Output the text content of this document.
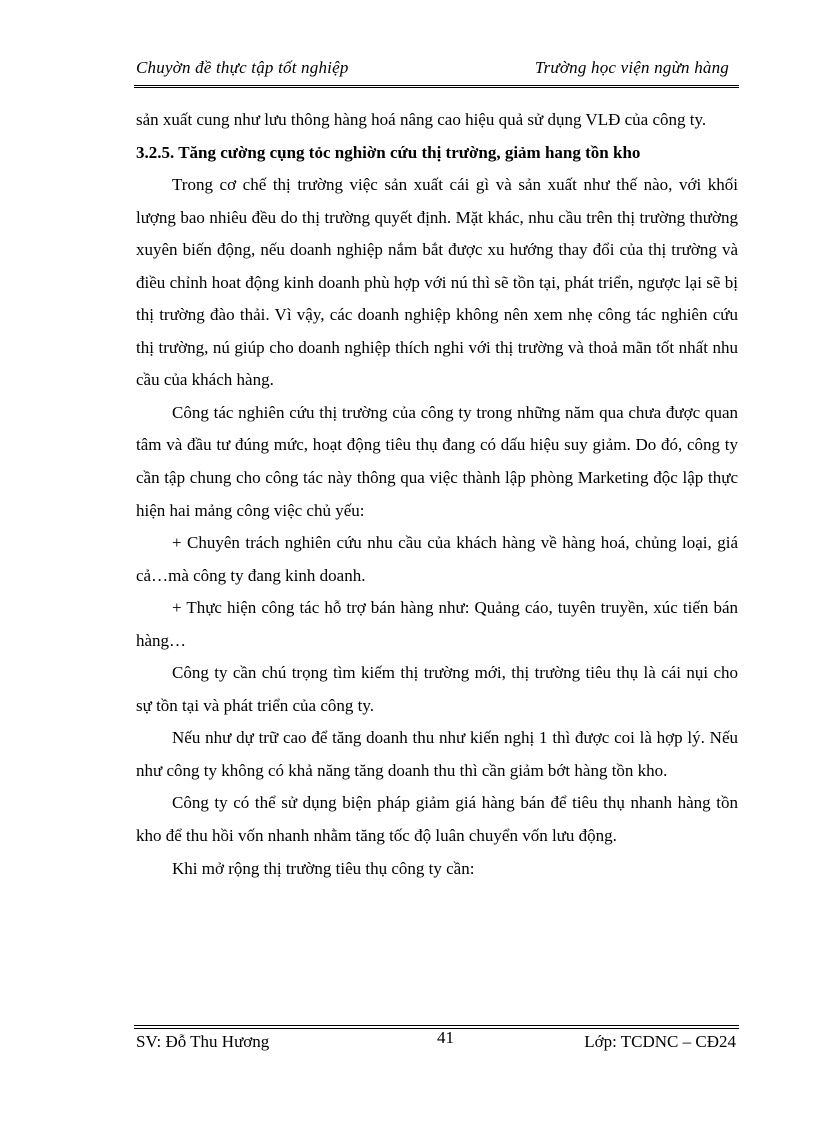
Chuyờn đề thực tập tốt nghiệp	Trường học viện ngừn hàng

sản xuất cung như lưu thông hàng hoá nâng cao hiệu quả sử dụng VLĐ của công ty.

3.2.5. Tăng cường cụng tỏc nghiờn cứu thị trường, giảm hang tồn kho

Trong cơ chế thị trường việc sản xuất cái gì và sản xuất như thế nào, với khối lượng bao nhiêu đều do thị trường quyết định. Mặt khác, nhu cầu trên thị trường thường xuyên biến động, nếu doanh nghiệp nắm bắt được xu hướng thay đổi của thị trường và điều chỉnh hoat động kinh doanh phù hợp với nú thì sẽ tồn tại, phát triển, ngược lại sẽ bị thị trường đào thải. Vì vậy, các doanh nghiệp không nên xem nhẹ công tác nghiên cứu thị trường, nú giúp cho doanh nghiệp thích nghi với thị trường và thoả mãn tốt nhất nhu cầu của khách hàng.

Công tác nghiên cứu thị trường của công ty trong những năm qua chưa được quan tâm và đầu tư đúng mức, hoạt động tiêu thụ đang có dấu hiệu suy giảm. Do đó, công ty cần tập chung cho công tác này thông qua việc thành lập phòng Marketing độc lập thực hiện hai mảng công việc chủ yếu:

+ Chuyên trách nghiên cứu nhu cầu của khách hàng về hàng hoá, chủng loại, giá cả…mà công ty đang kinh doanh.

+ Thực hiện công tác hỗ trợ bán hàng như: Quảng cáo, tuyên truyền, xúc tiến bán hàng…

Công ty cần chú trọng tìm kiếm thị trường mới, thị trường tiêu thụ là cái nụi cho sự tồn tại và phát triển của công ty.

Nếu như dự trữ cao để tăng doanh thu như kiến nghị 1 thì được coi là hợp lý. Nếu như công ty không có khả năng tăng doanh thu thì cần giảm bớt hàng tồn kho.

Công ty có thể sử dụng biện pháp giảm giá hàng bán để tiêu thụ nhanh hàng tồn kho để thu hồi vốn nhanh nhằm tăng tốc độ luân chuyển vốn lưu động.

Khi mở rộng thị trường tiêu thụ công ty cần:

SV: Đỗ Thu Hương	41	Lớp: TCDNC – CĐ24
